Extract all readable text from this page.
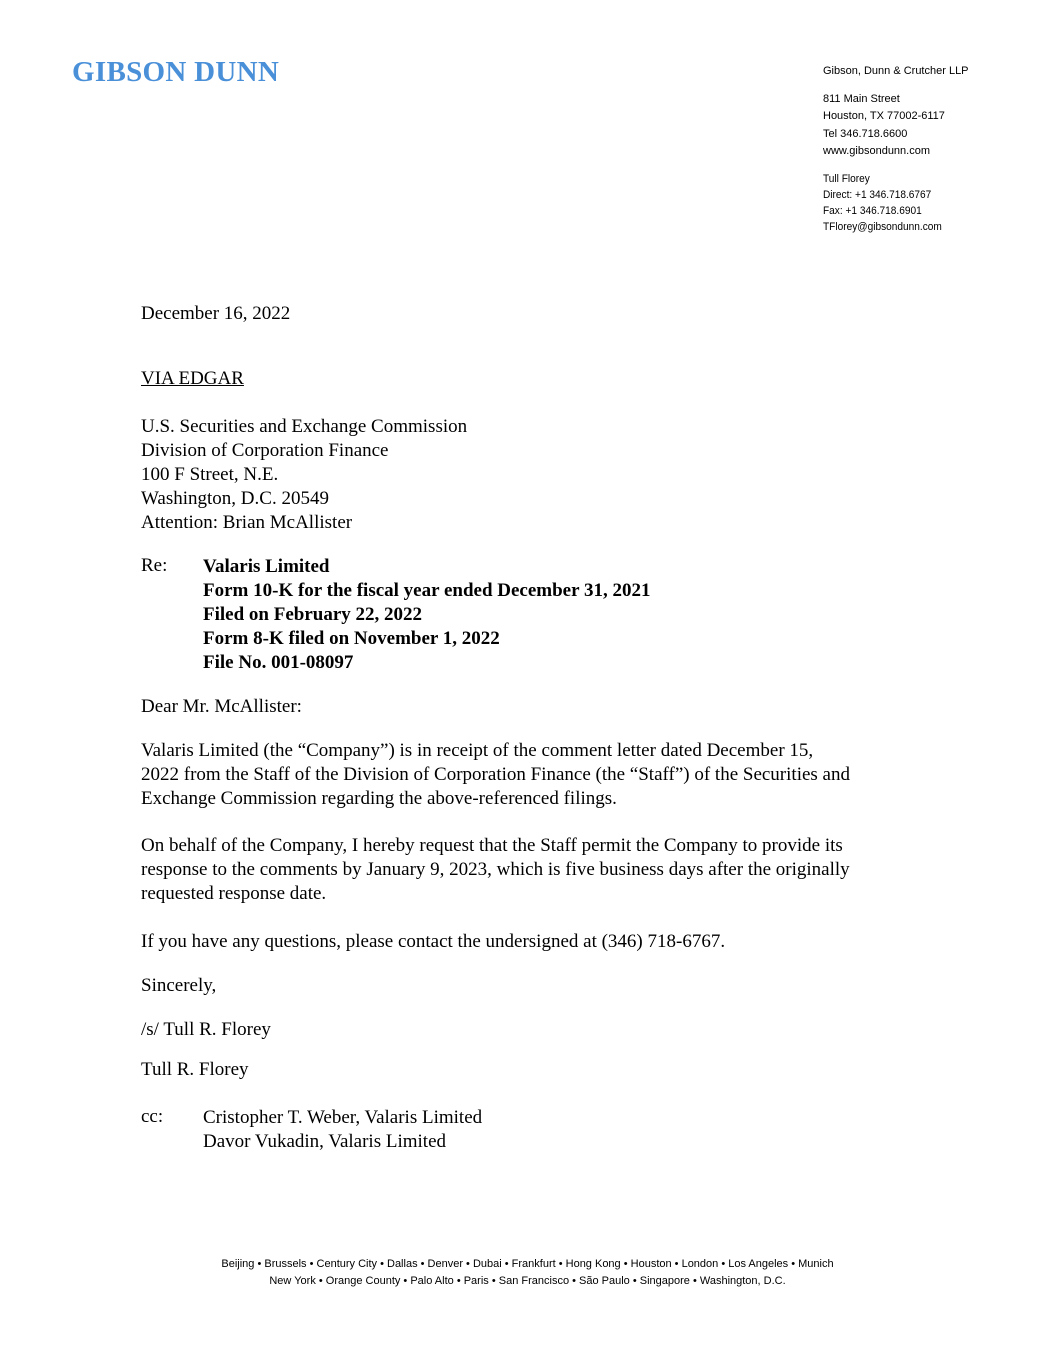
GIBSON DUNN	Gibson, Dunn & Crutcher LLP
811 Main Street
Houston, TX 77002-6117
Tel 346.718.6600
www.gibsondunn.com
Tull Florey
Direct: +1 346.718.6767
Fax: +1 346.718.6901
TFlorey@gibsondunn.com
December 16, 2022
VIA EDGAR
U.S. Securities and Exchange Commission
Division of Corporation Finance
100 F Street, N.E.
Washington, D.C. 20549
Attention: Brian McAllister
Re: Valaris Limited
Form 10-K for the fiscal year ended December 31, 2021
Filed on February 22, 2022
Form 8-K filed on November 1, 2022
File No. 001-08097
Dear Mr. McAllister:
Valaris Limited (the “Company”) is in receipt of the comment letter dated December 15,
2022 from the Staff of the Division of Corporation Finance (the “Staff”) of the Securities and
Exchange Commission regarding the above-referenced filings.
On behalf of the Company, I hereby request that the Staff permit the Company to provide its
response to the comments by January 9, 2023, which is five business days after the originally
requested response date.
If you have any questions, please contact the undersigned at (346) 718-6767.
Sincerely,
/s/ Tull R. Florey
Tull R. Florey
cc: Cristopher T. Weber, Valaris Limited
Davor Vukadin, Valaris Limited
Beijing • Brussels • Century City • Dallas • Denver • Dubai • Frankfurt • Hong Kong • Houston • London • Los Angeles • Munich
New York • Orange County • Palo Alto • Paris • San Francisco • São Paulo • Singapore • Washington, D.C.
